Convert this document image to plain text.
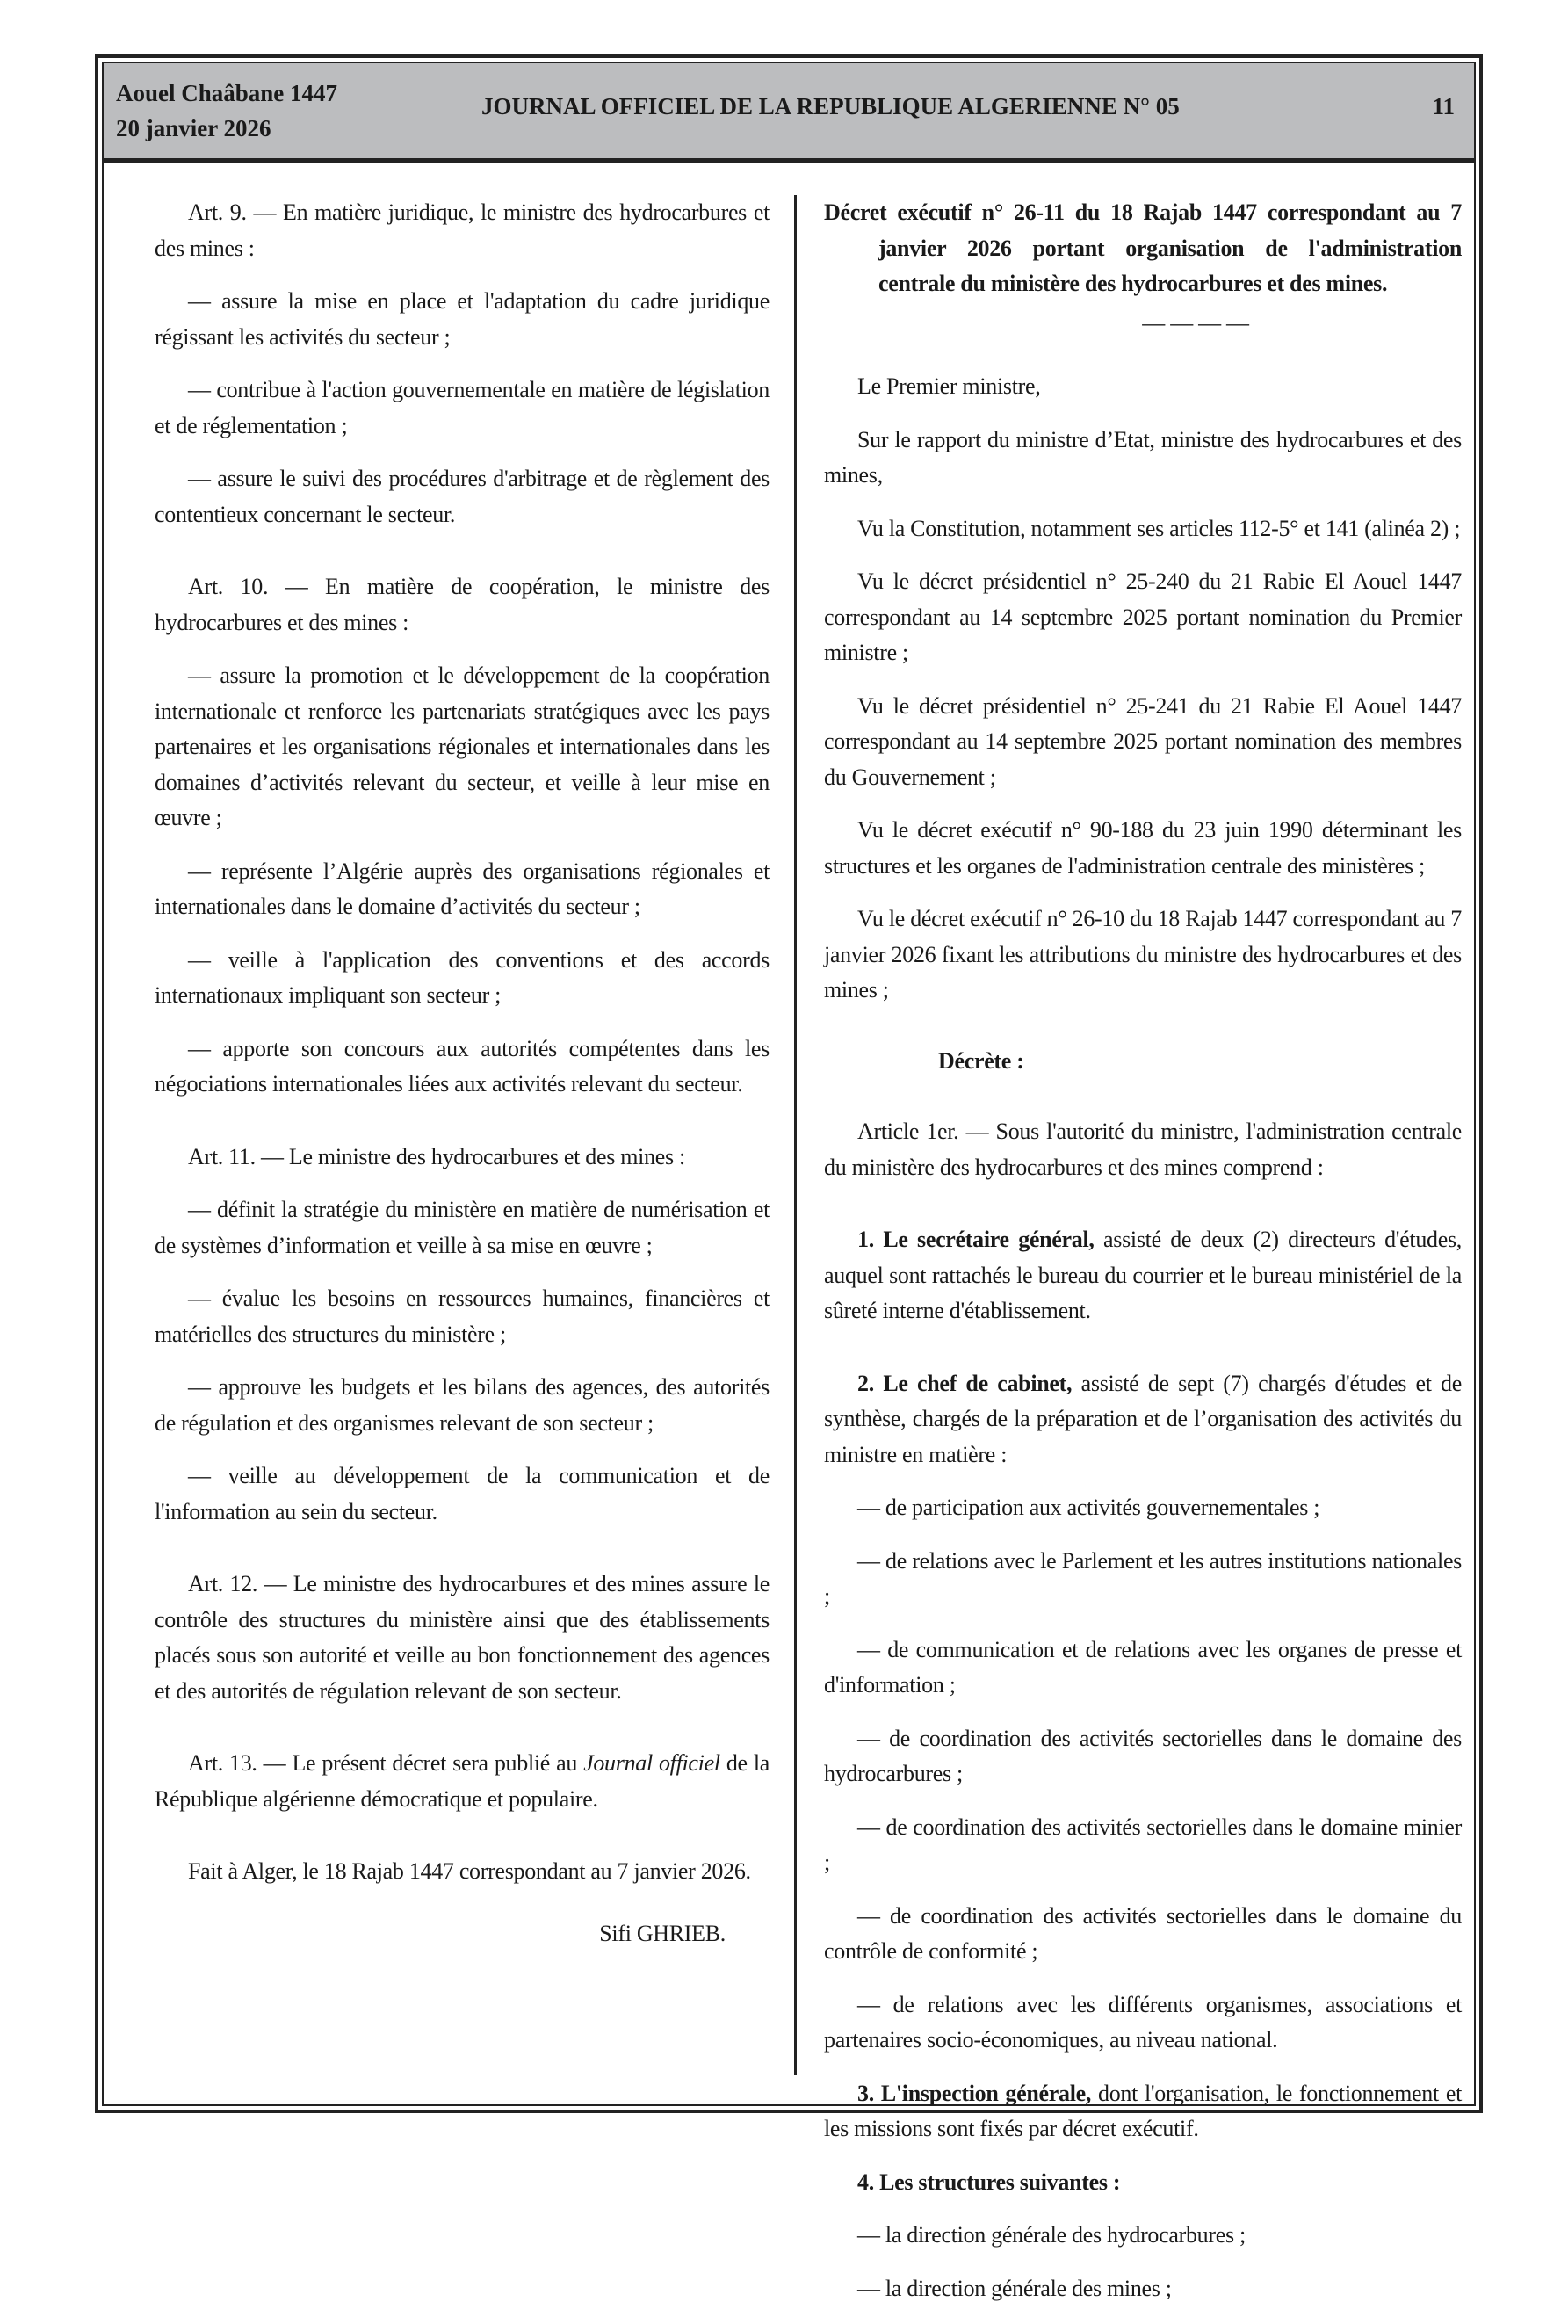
Aouel Chaâbane 1447
20 janvier 2026
JOURNAL OFFICIEL DE LA REPUBLIQUE ALGERIENNE N° 05	11

Art. 9. — En matière juridique, le ministre des hydrocarbures et des mines :

— assure la mise en place et l'adaptation du cadre juridique régissant les activités du secteur ;

— contribue à l'action gouvernementale en matière de législation et de réglementation ;

— assure le suivi des procédures d'arbitrage et de règlement des contentieux concernant le secteur.

Art. 10. — En matière de coopération, le ministre des hydrocarbures et des mines :

— assure la promotion et le développement de la coopération internationale et renforce les partenariats stratégiques avec les pays partenaires et les organisations régionales et internationales dans les domaines d’activités relevant du secteur, et veille à leur mise en œuvre ;

— représente l’Algérie auprès des organisations régionales et internationales dans le domaine d’activités du secteur ;

— veille à l'application des conventions et des accords internationaux impliquant son secteur ;

— apporte son concours aux autorités compétentes dans les négociations internationales liées aux activités relevant du secteur.

Art. 11. — Le ministre des hydrocarbures et des mines :

— définit la stratégie du ministère en matière de numérisation et de systèmes d’information et veille à sa mise en œuvre ;

— évalue les besoins en ressources humaines, financières et matérielles des structures du ministère ;

— approuve les budgets et les bilans des agences, des autorités de régulation et des organismes relevant de son secteur ;

— veille au développement de la communication et de l'information au sein du secteur.

Art. 12. — Le ministre des hydrocarbures et des mines assure le contrôle des structures du ministère ainsi que des établissements placés sous son autorité et veille au bon fonctionnement des agences et des autorités de régulation relevant de son secteur.

Art. 13. — Le présent décret sera publié au Journal officiel de la République algérienne démocratique et populaire.

Fait à Alger, le 18 Rajab 1447 correspondant au 7 janvier 2026.

Sifi GHRIEB.

Décret exécutif n° 26-11 du 18 Rajab 1447 correspondant au 7 janvier 2026 portant organisation de l'administration centrale du ministère des hydrocarbures et des mines.

— — — —

Le Premier ministre,

Sur le rapport du ministre d’Etat, ministre des hydrocarbures et des mines,

Vu la Constitution, notamment ses articles 112-5° et 141 (alinéa 2) ;

Vu le décret présidentiel n° 25-240 du 21 Rabie El Aouel 1447 correspondant au 14 septembre 2025 portant nomination du Premier ministre ;

Vu le décret présidentiel n° 25-241 du 21 Rabie El Aouel 1447 correspondant au 14 septembre 2025 portant nomination des membres du Gouvernement ;

Vu le décret exécutif n° 90-188 du 23 juin 1990 déterminant les structures et les organes de l'administration centrale des ministères ;

Vu le décret exécutif n° 26-10 du 18 Rajab 1447 correspondant au 7 janvier 2026 fixant les attributions du ministre des hydrocarbures et des mines ;

Décrète :

Article 1er. — Sous l'autorité du ministre, l'administration centrale du ministère des hydrocarbures et des mines comprend :

1. Le secrétaire général, assisté de deux (2) directeurs d'études, auquel sont rattachés le bureau du courrier et le bureau ministériel de la sûreté interne d'établissement.

2. Le chef de cabinet, assisté de sept (7) chargés d'études et de synthèse, chargés de la préparation et de l’organisation des activités du ministre en matière :

— de participation aux activités gouvernementales ;

— de relations avec le Parlement et les autres institutions nationales ;

— de communication et de relations avec les organes de presse et d'information ;

— de coordination des activités sectorielles dans le domaine des hydrocarbures ;

— de coordination des activités sectorielles dans le domaine minier ;

— de coordination des activités sectorielles dans le domaine du contrôle de conformité ;

— de relations avec les différents organismes, associations et partenaires socio-économiques, au niveau national.

3. L'inspection générale, dont l'organisation, le fonctionnement et les missions sont fixés par décret exécutif.

4. Les structures suivantes :

— la direction générale des hydrocarbures ;

— la direction générale des mines ;
